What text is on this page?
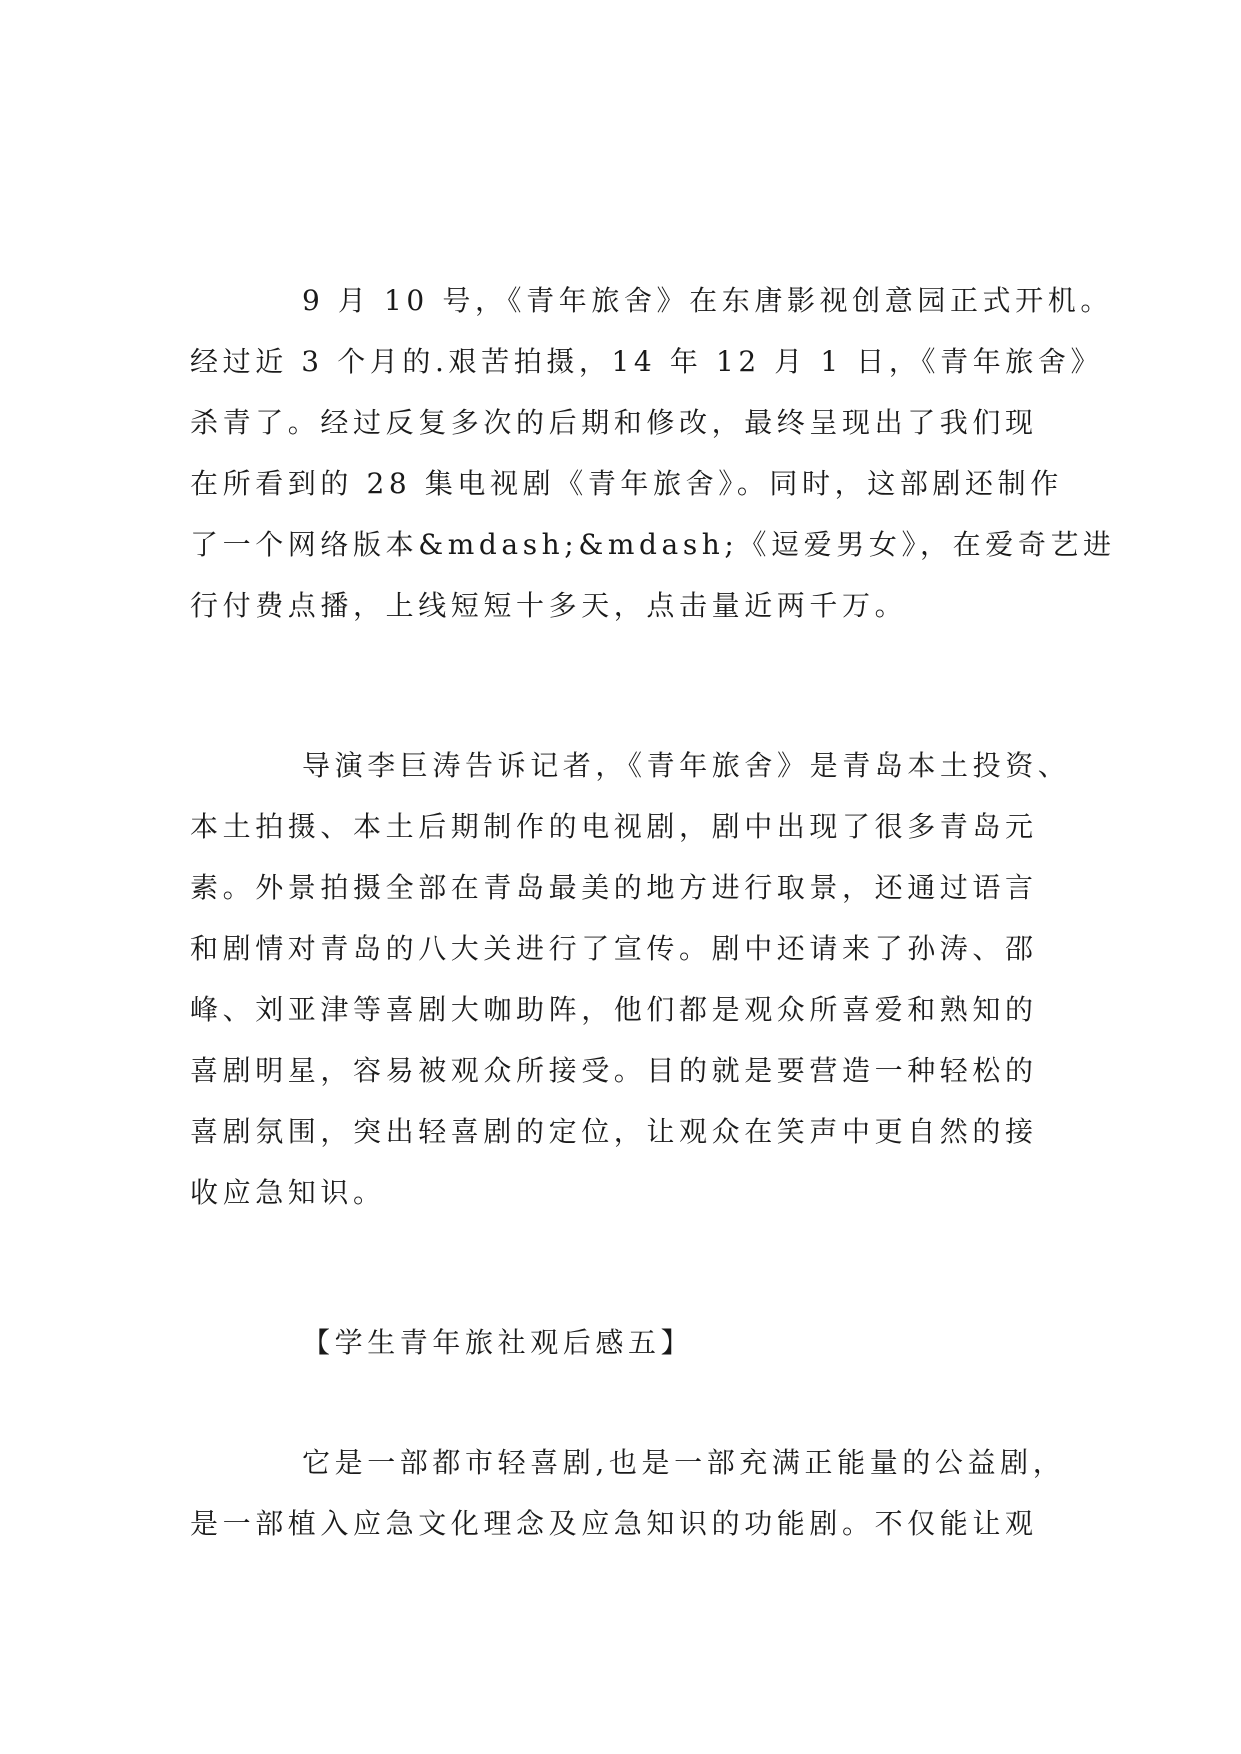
9 月 10 号，《青年旅舍》在东唐影视创意园正式开机。
经过近 3 个月的.艰苦拍摄，14 年 12 月 1 日，《青年旅舍》
杀青了。经过反复多次的后期和修改，最终呈现出了我们现
在所看到的 28 集电视剧《青年旅舍》。同时，这部剧还制作
了一个网络版本&mdash;&mdash;《逗爱男女》，在爱奇艺进
行付费点播，上线短短十多天，点击量近两千万。
导演李巨涛告诉记者，《青年旅舍》是青岛本土投资、
本土拍摄、本土后期制作的电视剧，剧中出现了很多青岛元
素。外景拍摄全部在青岛最美的地方进行取景，还通过语言
和剧情对青岛的八大关进行了宣传。剧中还请来了孙涛、邵
峰、刘亚津等喜剧大咖助阵，他们都是观众所喜爱和熟知的
喜剧明星，容易被观众所接受。目的就是要营造一种轻松的
喜剧氛围，突出轻喜剧的定位，让观众在笑声中更自然的接
收应急知识。
【学生青年旅社观后感五】
它是一部都市轻喜剧,也是一部充满正能量的公益剧，
是一部植入应急文化理念及应急知识的功能剧。不仅能让观
